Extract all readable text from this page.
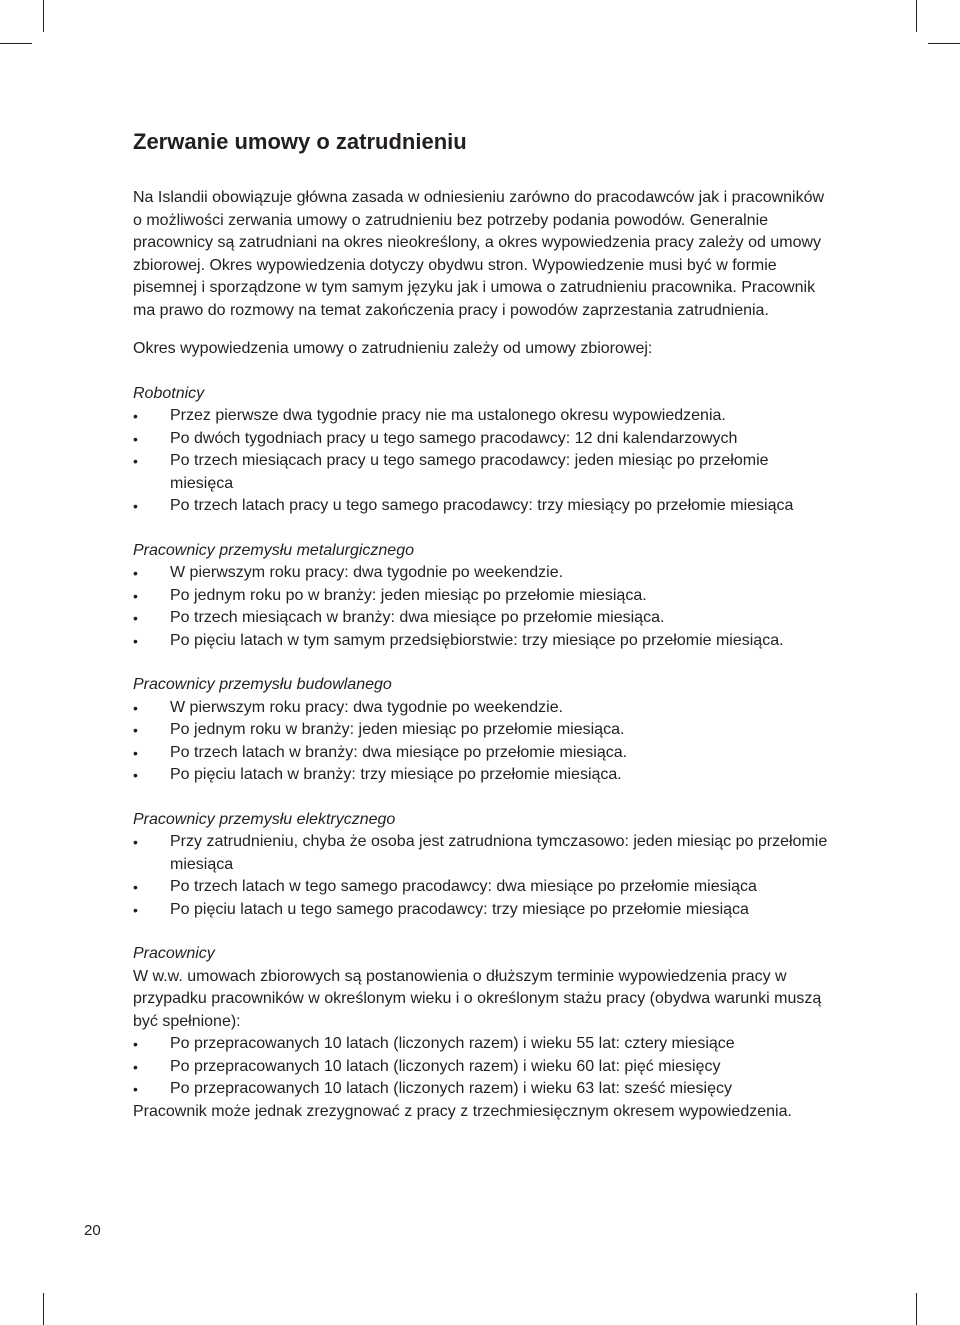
Zerwanie umowy o zatrudnieniu

Na Islandii obowiązuje główna zasada w odniesieniu zarówno do pracodawców jak i pracowników o możliwości zerwania umowy o zatrudnieniu bez potrzeby podania powodów. Generalnie pracownicy są zatrudniani na okres nieokreślony, a okres wypowiedzenia pracy zależy od umowy zbiorowej. Okres wypowiedzenia dotyczy obydwu stron. Wypowiedzenie musi być w formie pisemnej i sporządzone w tym samym języku jak i umowa o zatrudnieniu pracownika. Pracownik ma prawo do rozmowy na temat zakończenia pracy i powodów zaprzestania zatrudnienia.

Okres wypowiedzenia umowy o zatrudnieniu zależy od umowy zbiorowej:

Robotnicy

• Przez pierwsze dwa tygodnie pracy nie ma ustalonego okresu wypowiedzenia.
• Po dwóch tygodniach pracy u tego samego pracodawcy: 12 dni kalendarzowych
• Po trzech miesiącach pracy u tego samego pracodawcy: jeden miesiąc po przełomie miesięca
• Po trzech latach pracy u tego samego pracodawcy: trzy miesiący po przełomie miesiąca

Pracownicy przemysłu metalurgicznego

• W pierwszym roku pracy: dwa tygodnie po weekendzie.
• Po jednym roku po w branży: jeden miesiąc po przełomie miesiąca.
• Po trzech miesiącach w branży: dwa miesiące po przełomie miesiąca.
• Po pięciu latach w tym samym przedsiębiorstwie: trzy miesiące po przełomie miesiąca.

Pracownicy przemysłu budowlanego

• W pierwszym roku pracy: dwa tygodnie po weekendzie.
• Po jednym roku w branży: jeden miesiąc po przełomie miesiąca.
• Po trzech latach w branży: dwa miesiące po przełomie miesiąca.
• Po pięciu latach w branży: trzy miesiące po przełomie miesiąca.

Pracownicy przemysłu elektrycznego

• Przy zatrudnieniu, chyba że osoba jest zatrudniona tymczasowo: jeden miesiąc po przełomie miesiąca
• Po trzech latach w tego samego pracodawcy: dwa miesiące po przełomie miesiąca
• Po pięciu latach u tego samego pracodawcy: trzy miesiące po przełomie miesiąca

Pracownicy

W w.w. umowach zbiorowych są postanowienia o dłuższym terminie wypowiedzenia pracy w przypadku pracowników w określonym wieku i o określonym stażu pracy (obydwa warunki muszą być spełnione):

• Po przepracowanych 10 latach (liczonych razem) i wieku 55 lat: cztery miesiące
• Po przepracowanych 10 latach (liczonych razem) i wieku 60 lat: pięć miesięcy
• Po przepracowanych 10 latach (liczonych razem) i wieku 63 lat: sześć miesięcy

Pracownik może jednak zrezygnować z pracy z trzechmiesięcznym okresem wypowiedzenia.

20
